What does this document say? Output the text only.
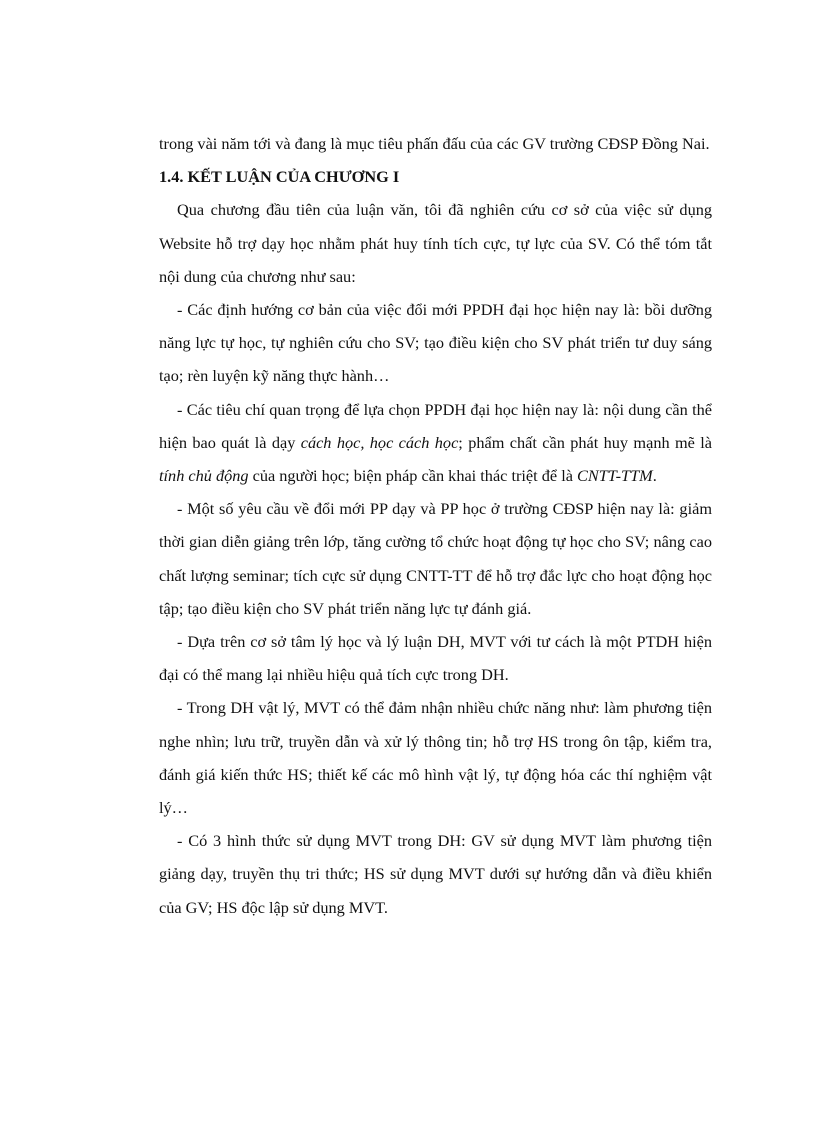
trong vài năm tới và đang là mục tiêu phấn đấu của các GV trường CĐSP Đồng Nai.

1.4. KẾT LUẬN CỦA CHƯƠNG I

Qua chương đầu tiên của luận văn, tôi đã nghiên cứu cơ sở của việc sử dụng Website hỗ trợ dạy học nhằm phát huy tính tích cực, tự lực của SV. Có thể tóm tắt nội dung của chương như sau:

- Các định hướng cơ bản của việc đổi mới PPDH đại học hiện nay là: bồi dưỡng năng lực tự học, tự nghiên cứu cho SV; tạo điều kiện cho SV phát triển tư duy sáng tạo; rèn luyện kỹ năng thực hành…

- Các tiêu chí quan trọng để lựa chọn PPDH đại học hiện nay là: nội dung cần thể hiện bao quát là dạy cách học, học cách học; phẩm chất cần phát huy mạnh mẽ là tính chủ động của người học; biện pháp cần khai thác triệt để là CNTT-TTM.

- Một số yêu cầu về đổi mới PP dạy và PP học ở trường CĐSP hiện nay là: giảm thời gian diễn giảng trên lớp, tăng cường tổ chức hoạt động tự học cho SV; nâng cao chất lượng seminar; tích cực sử dụng CNTT-TT để hỗ trợ đắc lực cho hoạt động học tập; tạo điều kiện cho SV phát triển năng lực tự đánh giá.

- Dựa trên cơ sở tâm lý học và lý luận DH, MVT với tư cách là một PTDH hiện đại có thể mang lại nhiều hiệu quả tích cực trong DH.

- Trong DH vật lý, MVT có thể đảm nhận nhiều chức năng như: làm phương tiện nghe nhìn; lưu trữ, truyền dẫn và xử lý thông tin; hỗ trợ HS trong ôn tập, kiểm tra, đánh giá kiến thức HS; thiết kế các mô hình vật lý, tự động hóa các thí nghiệm vật lý…

- Có 3 hình thức sử dụng MVT trong DH: GV sử dụng MVT làm phương tiện giảng dạy, truyền thụ tri thức; HS sử dụng MVT dưới sự hướng dẫn và điều khiển của GV; HS độc lập sử dụng MVT.
